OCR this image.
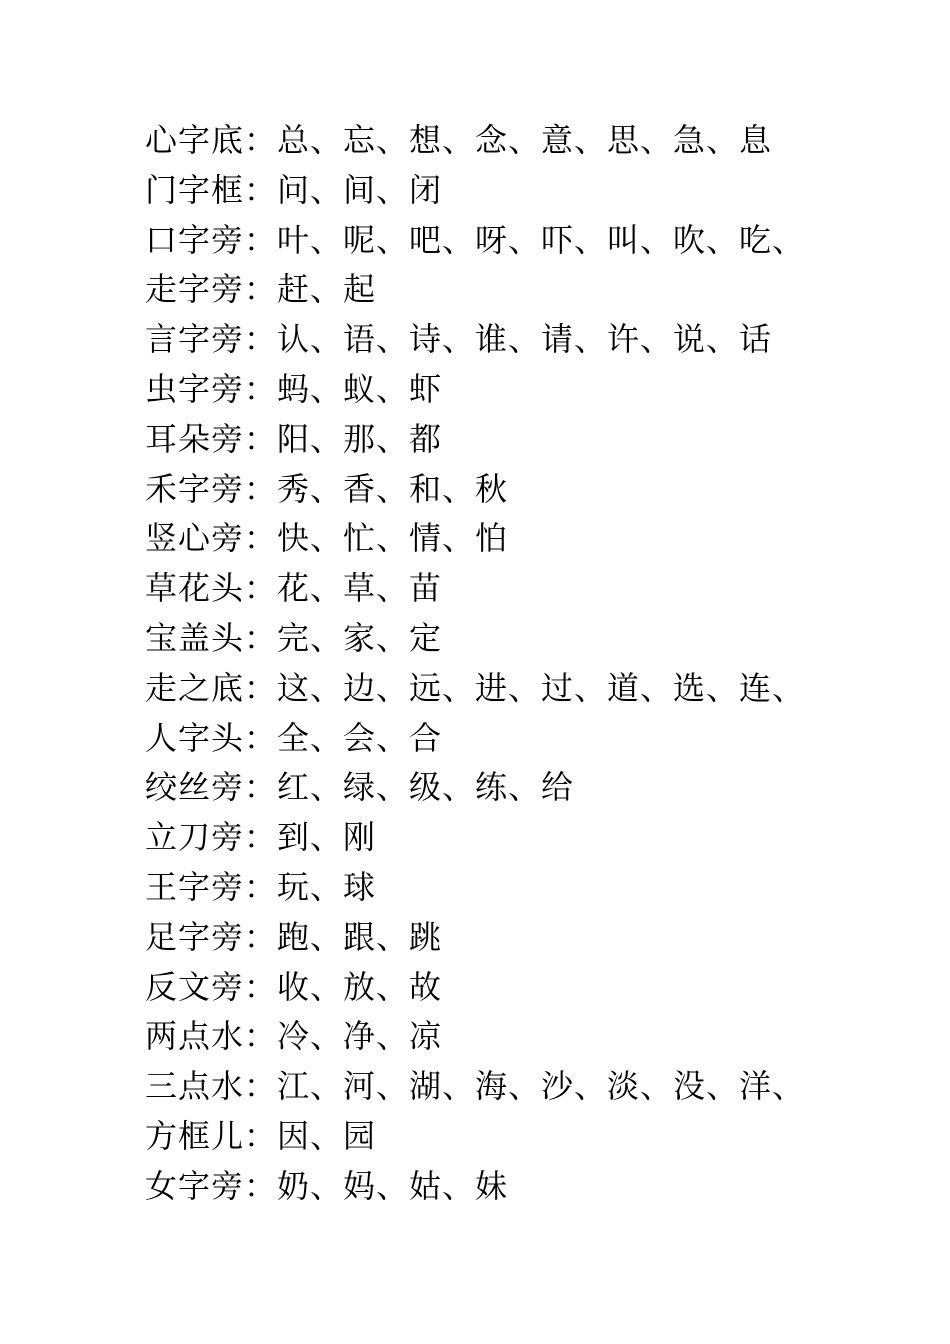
心字底：总、忘、想、念、意、思、急、息
门字框：问、间、闭
口字旁：叶、呢、吧、呀、吓、叫、吹、吃、
走字旁：赶、起
言字旁：认、语、诗、谁、请、许、说、话
虫字旁：蚂、蚁、虾
耳朵旁：阳、那、都
禾字旁：秀、香、和、秋
竖心旁：快、忙、情、怕
草花头：花、草、苗
宝盖头：完、家、定
走之底：这、边、远、进、过、道、选、连、
人字头：全、会、合
绞丝旁：红、绿、级、练、给
立刀旁：到、刚
王字旁：玩、球
足字旁：跑、跟、跳
反文旁：收、放、故
两点水：冷、净、凉
三点水：江、河、湖、海、沙、淡、没、洋、
方框儿：因、园
女字旁：奶、妈、姑、妹
